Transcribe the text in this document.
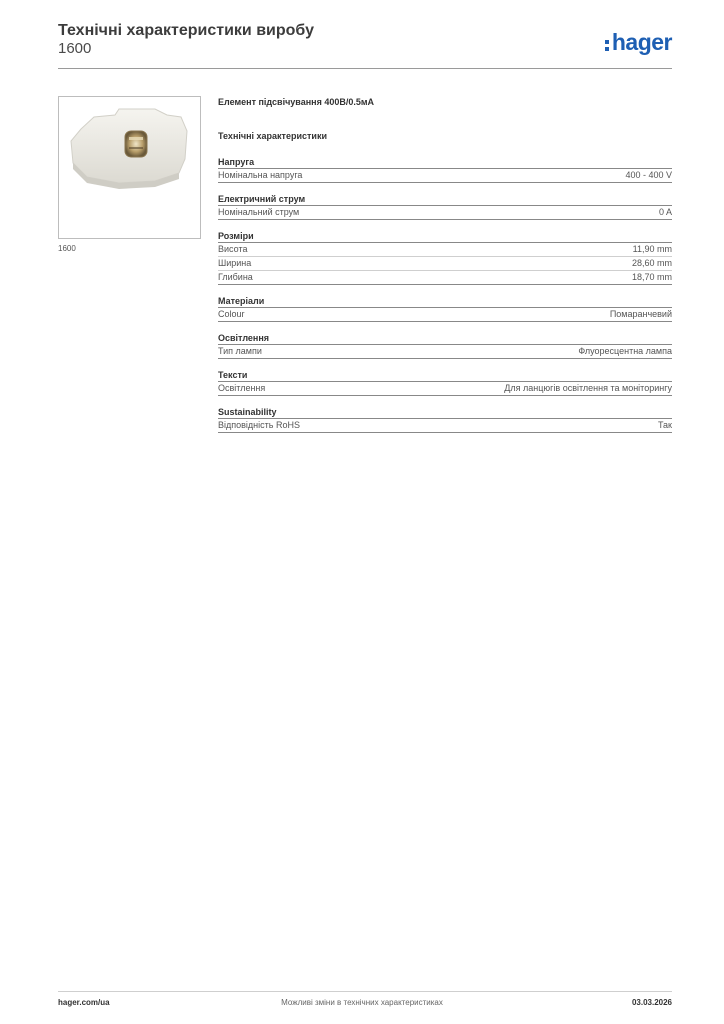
Технічні характеристики виробу
1600	hager
1600
Елемент підсвічування 400В/0.5мА
Технічні характеристики
Напруга
Номінальна напруга	400 - 400 V
Електричний струм
Номінальний струм	0 A
Розміри
Висота	11,90 mm
Ширина	28,60 mm
Глибина	18,70 mm
Матеріали
Colour	Помаранчевий
Освітлення
Тип лампи	Флуоресцентна лампа
Тексти
Освітлення	Для ланцюгів освітлення та моніторингу
Sustainability
Відповідність RoHS	Так
hager.com/ua	Можливі зміни в технічних характеристиках	03.03.2026
